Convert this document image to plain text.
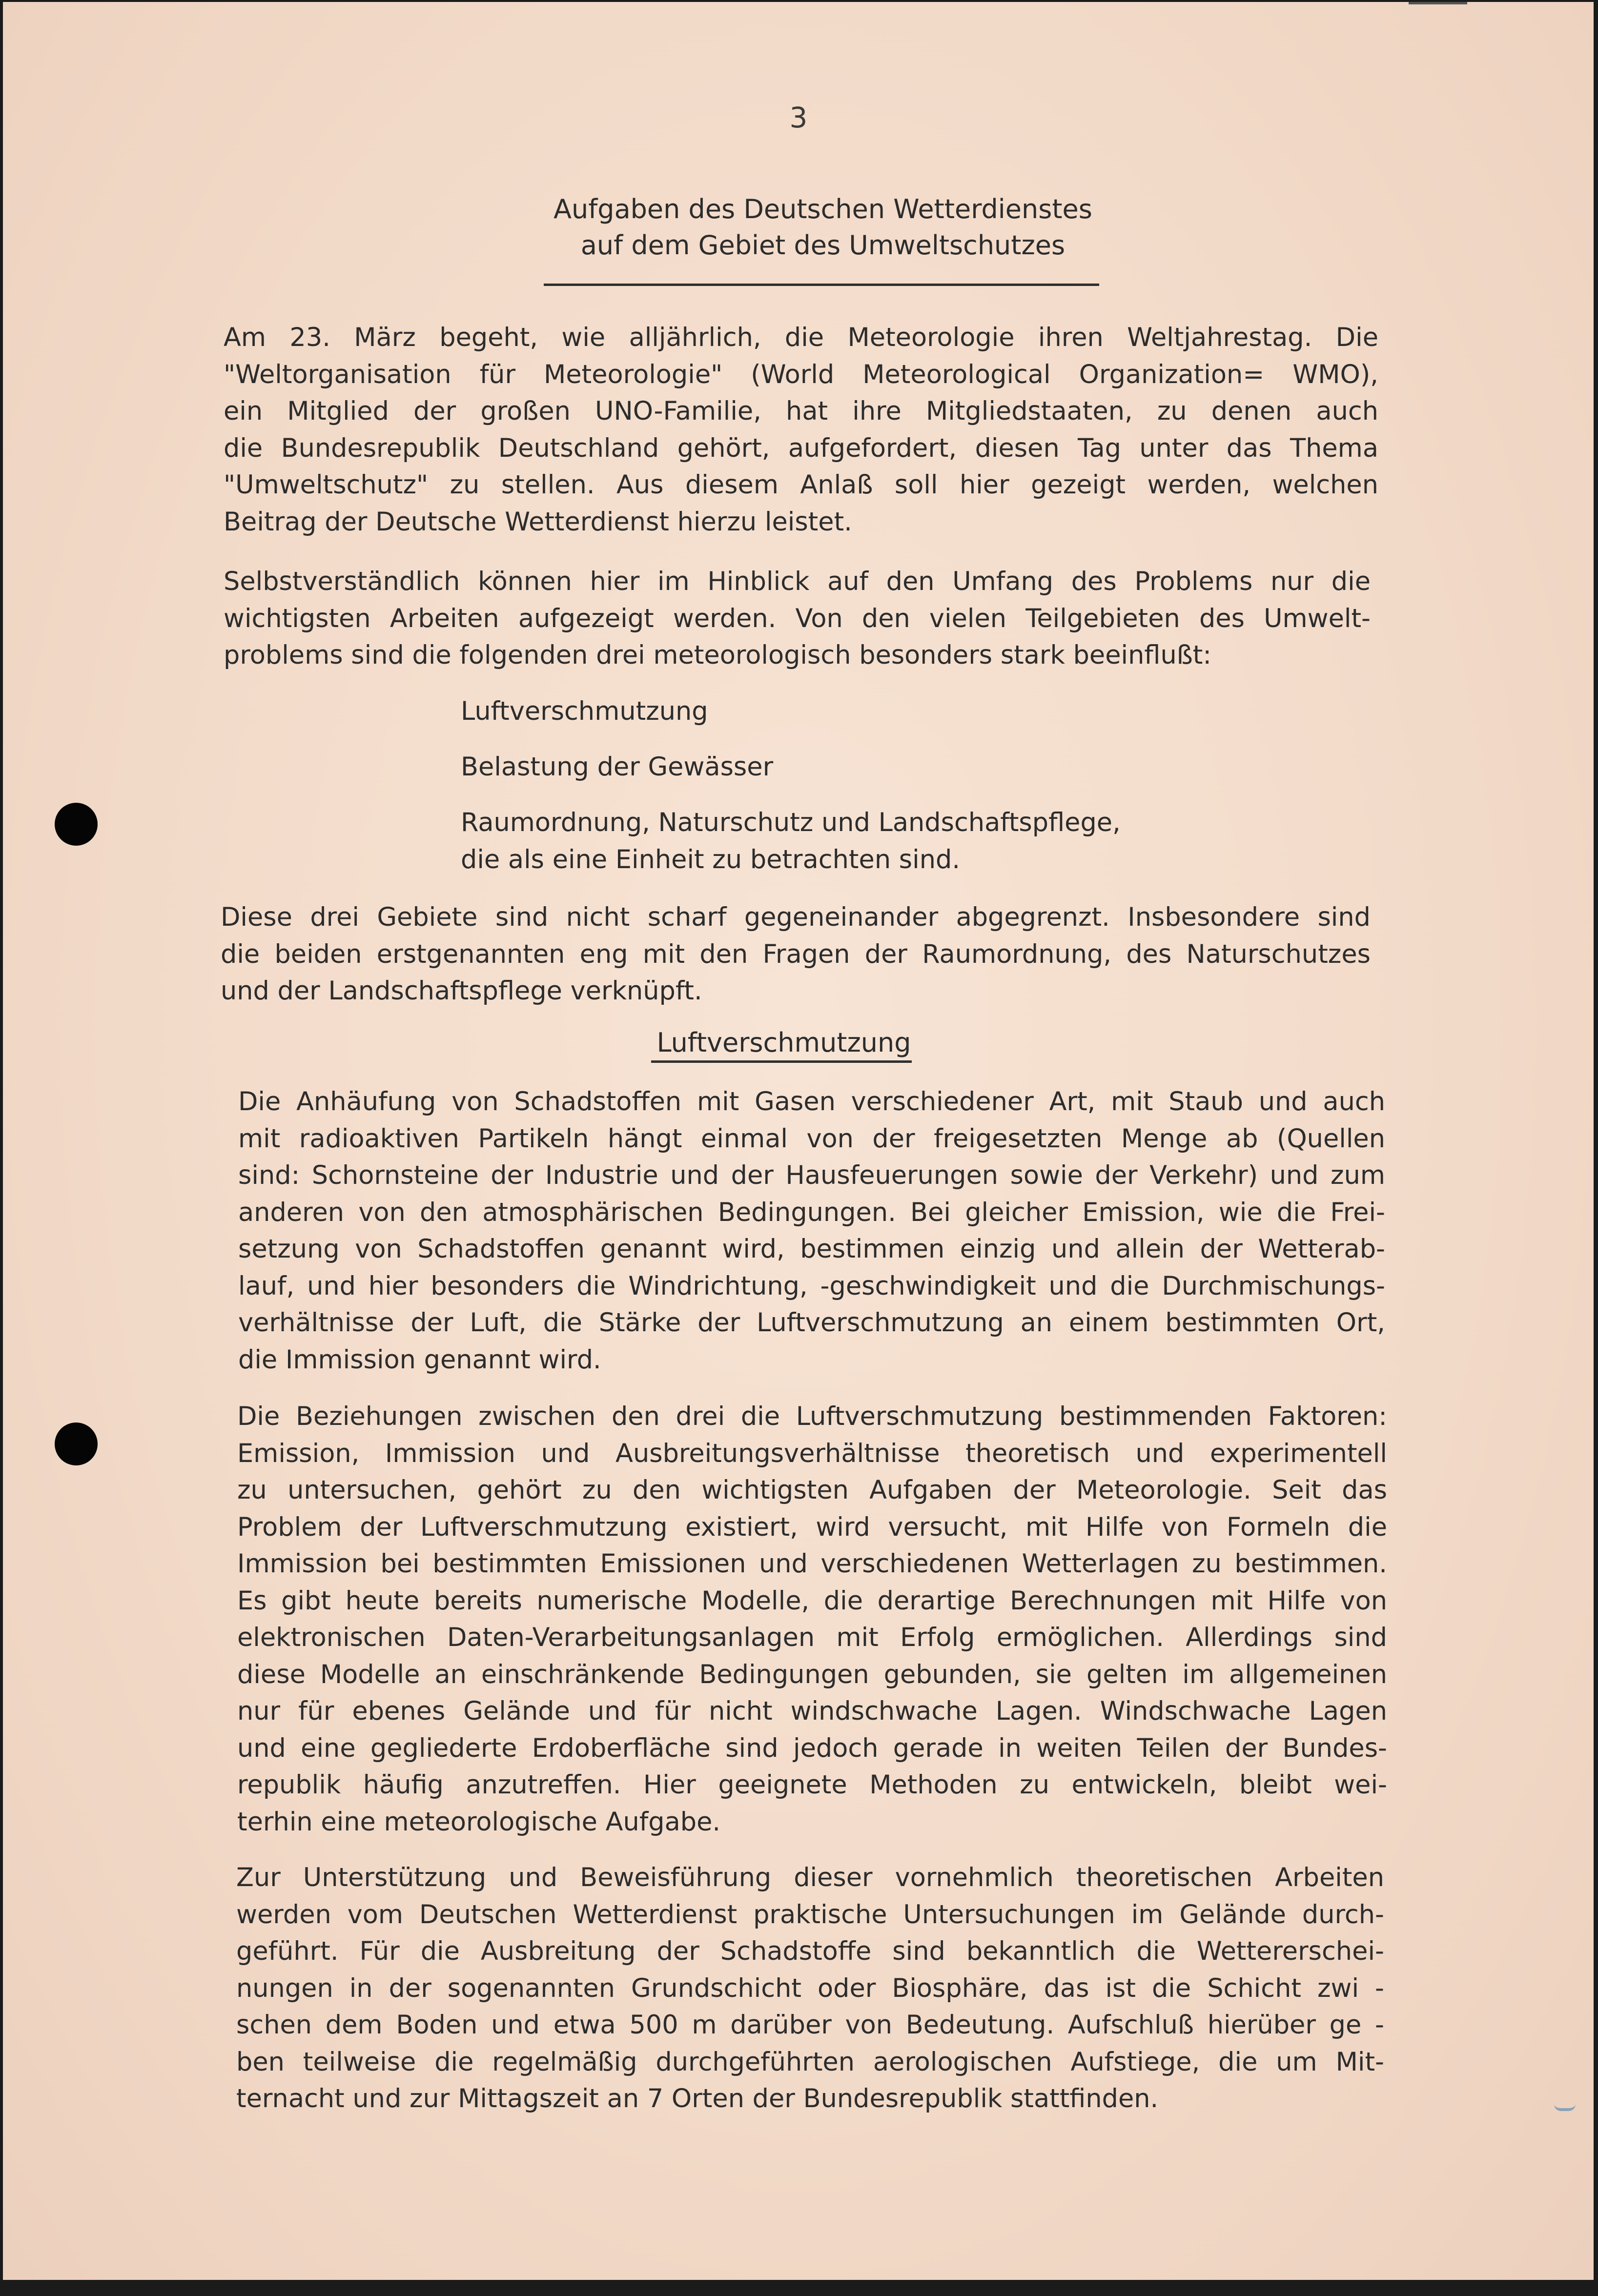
3
Aufgaben des Deutschen Wetterdienstes
auf dem Gebiet des Umweltschutzes
Am 23. März begeht, wie alljährlich, die Meteorologie ihren Weltjahrestag. Die
"Weltorganisation für Meteorologie" (World Meteorological Organization= WMO),
ein Mitglied der großen UNO-Familie, hat ihre Mitgliedstaaten, zu denen auch
die Bundesrepublik Deutschland gehört, aufgefordert, diesen Tag unter das Thema
"Umweltschutz" zu stellen. Aus diesem Anlaß soll hier gezeigt werden, welchen
Beitrag der Deutsche Wetterdienst hierzu leistet.
Selbstverständlich können hier im Hinblick auf den Umfang des Problems nur die
wichtigsten Arbeiten aufgezeigt werden. Von den vielen Teilgebieten des Umwelt-
problems sind die folgenden drei meteorologisch besonders stark beeinflußt:
Luftverschmutzung
Belastung der Gewässer
Raumordnung, Naturschutz und Landschaftspflege,
die als eine Einheit zu betrachten sind.
Diese drei Gebiete sind nicht scharf gegeneinander abgegrenzt. Insbesondere sind
die beiden erstgenannten eng mit den Fragen der Raumordnung, des Naturschutzes
und der Landschaftspflege verknüpft.
Luftverschmutzung
Die Anhäufung von Schadstoffen mit Gasen verschiedener Art, mit Staub und auch
mit radioaktiven Partikeln hängt einmal von der freigesetzten Menge ab (Quellen
sind: Schornsteine der Industrie und der Hausfeuerungen sowie der Verkehr) und zum
anderen von den atmosphärischen Bedingungen. Bei gleicher Emission, wie die Frei-
setzung von Schadstoffen genannt wird, bestimmen einzig und allein der Wetterab-
lauf, und hier besonders die Windrichtung, -geschwindigkeit und die Durchmischungs-
verhältnisse der Luft, die Stärke der Luftverschmutzung an einem bestimmten Ort,
die Immission genannt wird.
Die Beziehungen zwischen den drei die Luftverschmutzung bestimmenden Faktoren:
Emission, Immission und Ausbreitungsverhältnisse theoretisch und experimentell
zu untersuchen, gehört zu den wichtigsten Aufgaben der Meteorologie. Seit das
Problem der Luftverschmutzung existiert, wird versucht, mit Hilfe von Formeln die
Immission bei bestimmten Emissionen und verschiedenen Wetterlagen zu bestimmen.
Es gibt heute bereits numerische Modelle, die derartige Berechnungen mit Hilfe von
elektronischen Daten-Verarbeitungsanlagen mit Erfolg ermöglichen. Allerdings sind
diese Modelle an einschränkende Bedingungen gebunden, sie gelten im allgemeinen
nur für ebenes Gelände und für nicht windschwache Lagen. Windschwache Lagen
und eine gegliederte Erdoberfläche sind jedoch gerade in weiten Teilen der Bundes-
republik häufig anzutreffen. Hier geeignete Methoden zu entwickeln, bleibt wei-
terhin eine meteorologische Aufgabe.
Zur Unterstützung und Beweisführung dieser vornehmlich theoretischen Arbeiten
werden vom Deutschen Wetterdienst praktische Untersuchungen im Gelände durch-
geführt. Für die Ausbreitung der Schadstoffe sind bekanntlich die Wettererschei-
nungen in der sogenannten Grundschicht oder Biosphäre, das ist die Schicht zwi -
schen dem Boden und etwa 500 m darüber von Bedeutung. Aufschluß hierüber ge -
ben teilweise die regelmäßig durchgeführten aerologischen Aufstiege, die um Mit-
ternacht und zur Mittagszeit an 7 Orten der Bundesrepublik stattfinden.
